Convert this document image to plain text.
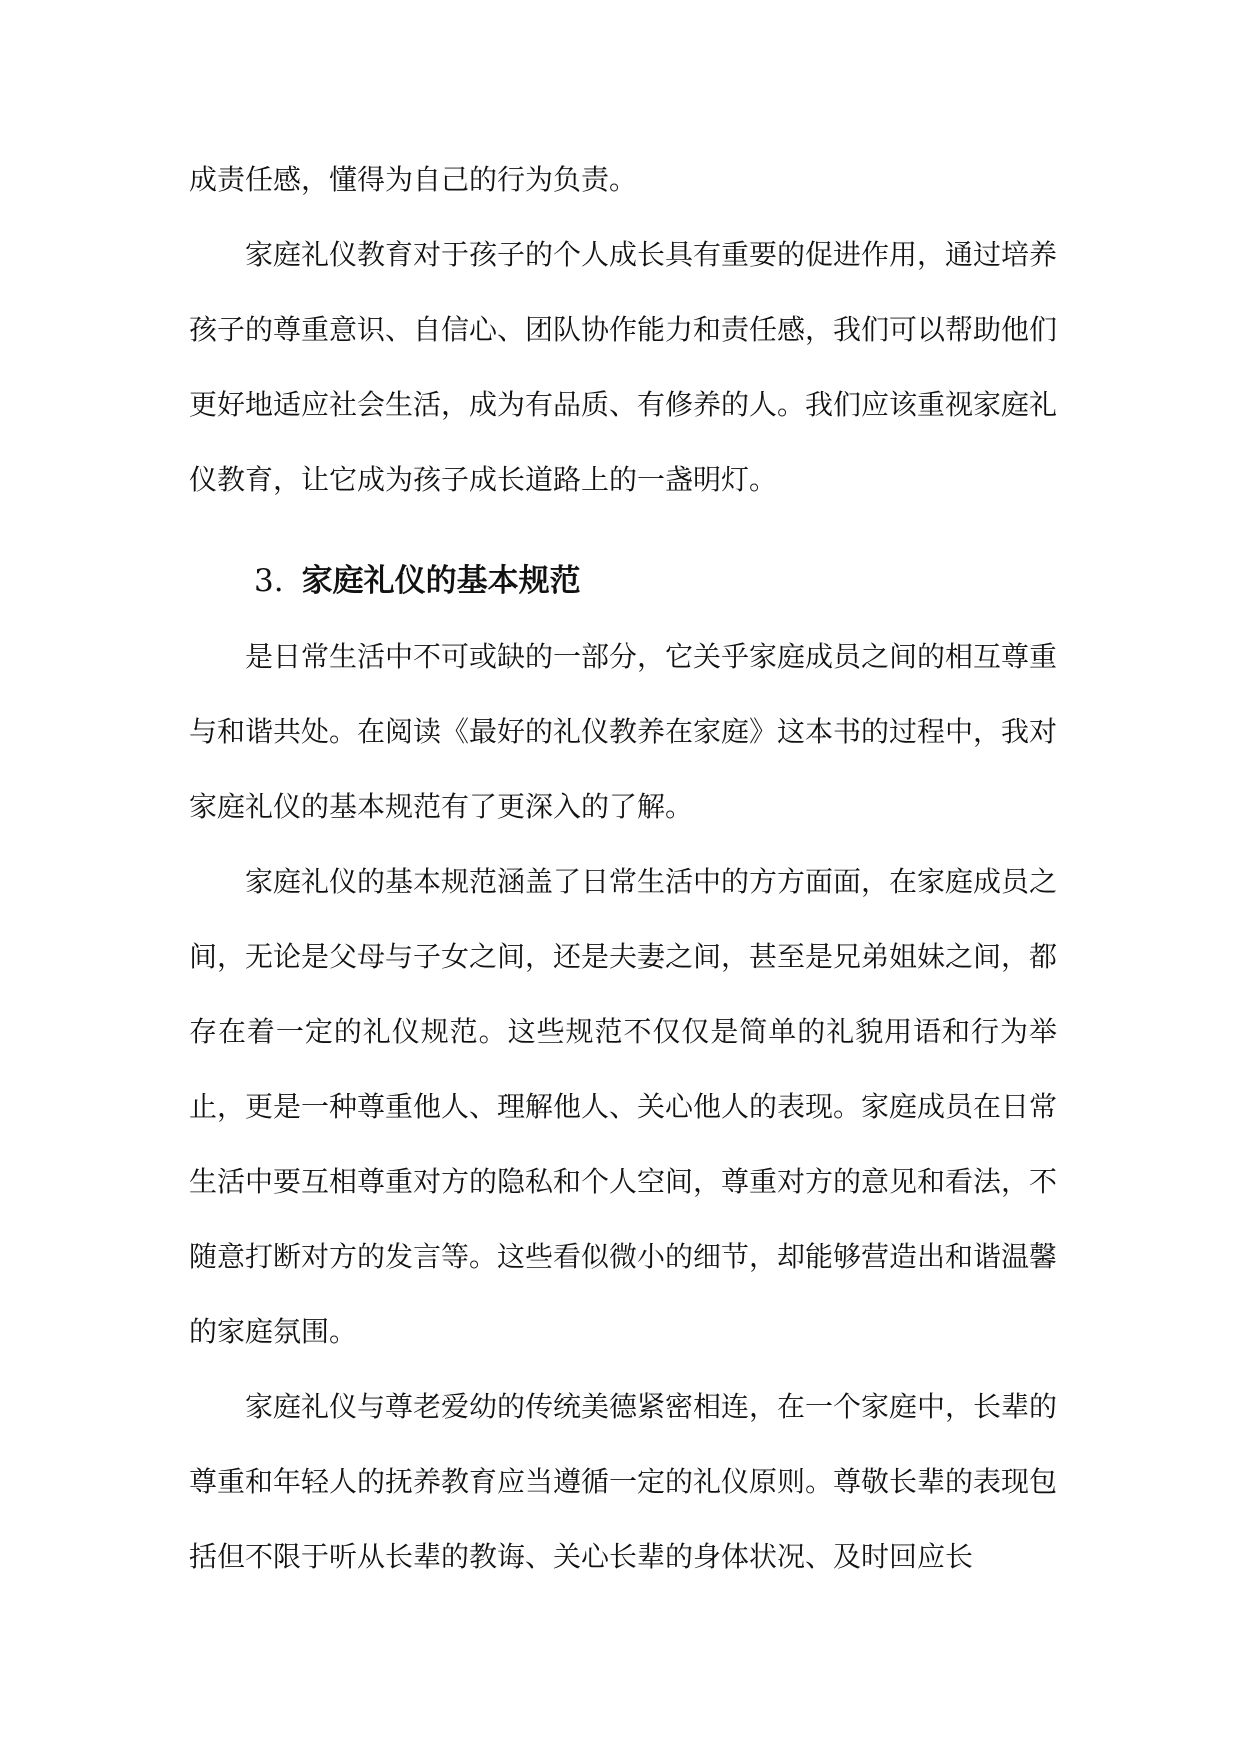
成责任感，懂得为自己的行为负责。

家庭礼仪教育对于孩子的个人成长具有重要的促进作用，通过培养孩子的尊重意识、自信心、团队协作能力和责任感，我们可以帮助他们更好地适应社会生活，成为有品质、有修养的人。我们应该重视家庭礼仪教育，让它成为孩子成长道路上的一盏明灯。

3. 家庭礼仪的基本规范

是日常生活中不可或缺的一部分，它关乎家庭成员之间的相互尊重与和谐共处。在阅读《最好的礼仪教养在家庭》这本书的过程中，我对家庭礼仪的基本规范有了更深入的了解。

家庭礼仪的基本规范涵盖了日常生活中的方方面面，在家庭成员之间，无论是父母与子女之间，还是夫妻之间，甚至是兄弟姐妹之间，都存在着一定的礼仪规范。这些规范不仅仅是简单的礼貌用语和行为举止，更是一种尊重他人、理解他人、关心他人的表现。家庭成员在日常生活中要互相尊重对方的隐私和个人空间，尊重对方的意见和看法，不随意打断对方的发言等。这些看似微小的细节，却能够营造出和谐温馨的家庭氛围。

家庭礼仪与尊老爱幼的传统美德紧密相连，在一个家庭中，长辈的尊重和年轻人的抚养教育应当遵循一定的礼仪原则。尊敬长辈的表现包括但不限于听从长辈的教诲、关心长辈的身体状况、及时回应长
